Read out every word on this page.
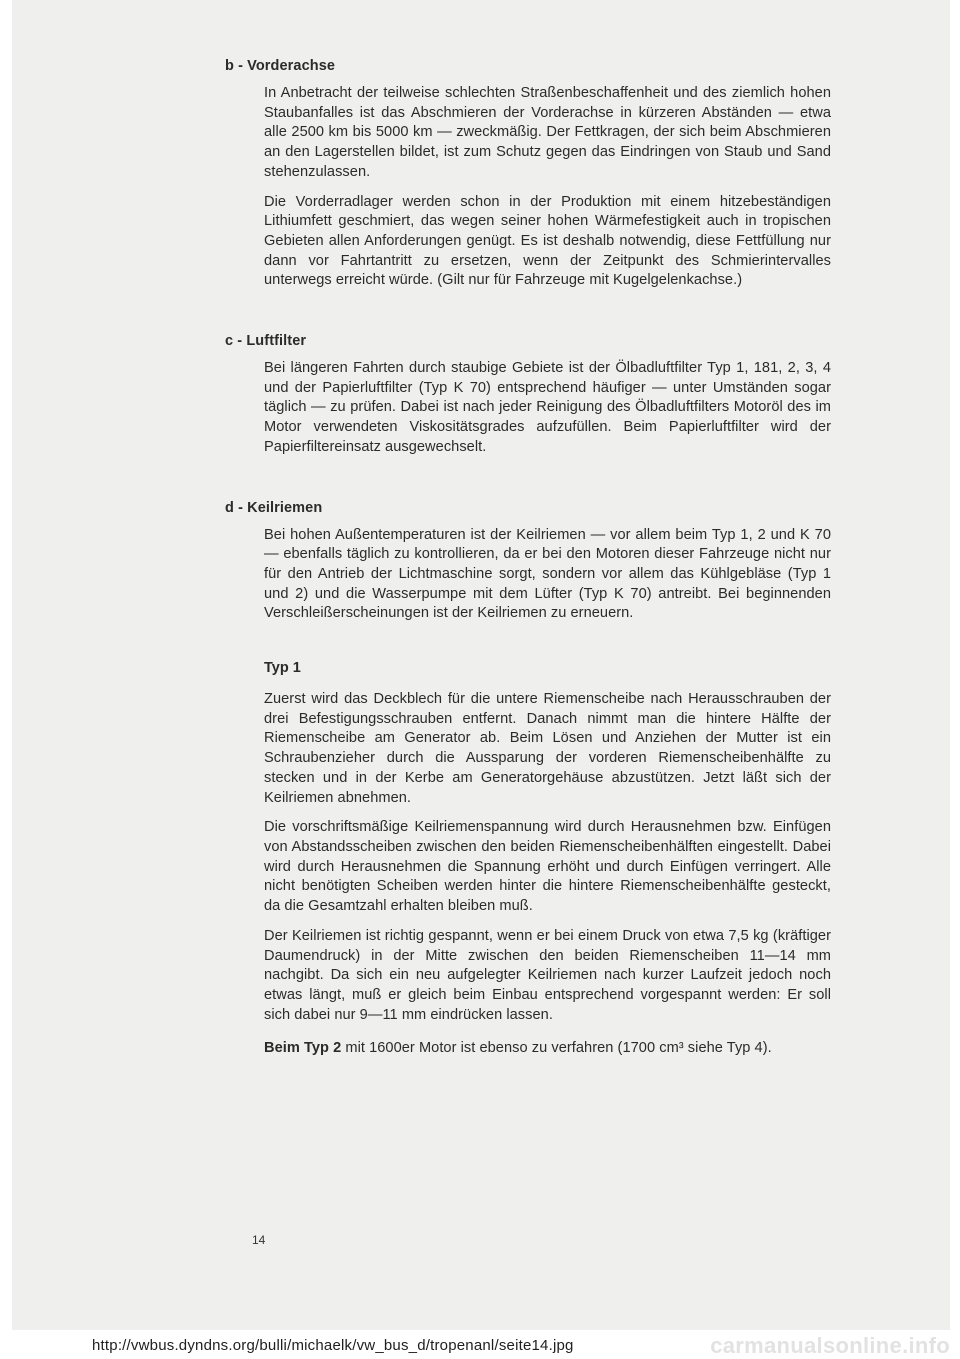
b - Vorderachse

In Anbetracht der teilweise schlechten Straßenbeschaffenheit und des ziemlich hohen Staubanfalles ist das Abschmieren der Vorderachse in kürzeren Abständen — etwa alle 2500 km bis 5000 km — zweckmäßig. Der Fettkragen, der sich beim Abschmieren an den Lagerstellen bildet, ist zum Schutz gegen das Eindringen von Staub und Sand stehenzulassen.

Die Vorderradlager werden schon in der Produktion mit einem hitzebeständigen Lithiumfett geschmiert, das wegen seiner hohen Wärmefestigkeit auch in tropischen Gebieten allen Anforderungen genügt. Es ist deshalb notwendig, diese Fettfüllung nur dann vor Fahrtantritt zu ersetzen, wenn der Zeitpunkt des Schmierintervalles unterwegs erreicht würde. (Gilt nur für Fahrzeuge mit Kugelgelenkachse.)

c - Luftfilter

Bei längeren Fahrten durch staubige Gebiete ist der Ölbadluftfilter Typ 1, 181, 2, 3, 4 und der Papierluftfilter (Typ K 70) entsprechend häufiger — unter Umständen sogar täglich — zu prüfen. Dabei ist nach jeder Reinigung des Ölbadluftfilters Motoröl des im Motor verwendeten Viskositätsgrades aufzufüllen. Beim Papierluftfilter wird der Papierfiltereinsatz ausgewechselt.

d - Keilriemen

Bei hohen Außentemperaturen ist der Keilriemen — vor allem beim Typ 1, 2 und K 70 — ebenfalls täglich zu kontrollieren, da er bei den Motoren dieser Fahrzeuge nicht nur für den Antrieb der Lichtmaschine sorgt, sondern vor allem das Kühlgebläse (Typ 1 und 2) und die Wasserpumpe mit dem Lüfter (Typ K 70) antreibt. Bei beginnenden Verschleißerscheinungen ist der Keilriemen zu erneuern.

Typ 1

Zuerst wird das Deckblech für die untere Riemenscheibe nach Herausschrauben der drei Befestigungsschrauben entfernt. Danach nimmt man die hintere Hälfte der Riemenscheibe am Generator ab. Beim Lösen und Anziehen der Mutter ist ein Schraubenzieher durch die Aussparung der vorderen Riemenscheibenhälfte zu stecken und in der Kerbe am Generatorgehäuse abzustützen. Jetzt läßt sich der Keilriemen abnehmen.

Die vorschriftsmäßige Keilriemenspannung wird durch Herausnehmen bzw. Einfügen von Abstandsscheiben zwischen den beiden Riemenscheibenhälften eingestellt. Dabei wird durch Herausnehmen die Spannung erhöht und durch Einfügen verringert. Alle nicht benötigten Scheiben werden hinter die hintere Riemenscheibenhälfte gesteckt, da die Gesamtzahl erhalten bleiben muß.

Der Keilriemen ist richtig gespannt, wenn er bei einem Druck von etwa 7,5 kg (kräftiger Daumendruck) in der Mitte zwischen den beiden Riemenscheiben 11—14 mm nachgibt. Da sich ein neu aufgelegter Keilriemen nach kurzer Laufzeit jedoch noch etwas längt, muß er gleich beim Einbau entsprechend vorgespannt werden: Er soll sich dabei nur 9—11 mm eindrücken lassen.

Beim Typ 2 mit 1600er Motor ist ebenso zu verfahren (1700 cm³ siehe Typ 4).

14
http://vwbus.dyndns.org/bulli/michaelk/vw_bus_d/tropenanl/seite14.jpg	carmanualsonline.info
